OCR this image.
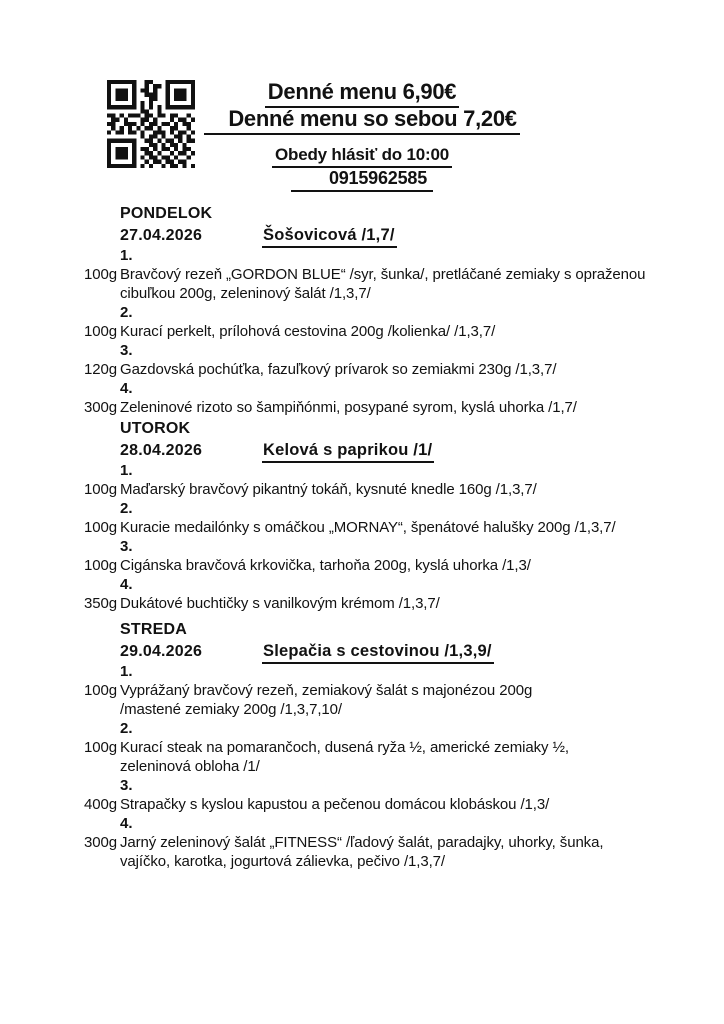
Denné menu 6,90€
Denné menu so sebou 7,20€
Obedy hlásiť do 10:00
0915962585
PONDELOK
27.04.2026	Šošovicová /1,7/
1.
100g Bravčový rezeň „GORDON BLUE“ /syr, šunka/, pretláčané zemiaky s opraženou
cibuľkou 200g, zeleninový šalát /1,3,7/
2.
100g Kurací perkelt, prílohová cestovina 200g /kolienka/ /1,3,7/
3.
120g Gazdovská pochúťka, fazuľkový prívarok so zemiakmi 230g /1,3,7/
4.
300g Zeleninové rizoto so šampiňónmi, posypané syrom, kyslá uhorka /1,7/
UTOROK
28.04.2026	Kelová s paprikou /1/
1.
100g Maďarský bravčový pikantný tokáň, kysnuté knedle 160g /1,3,7/
2.
100g Kuracie medailónky s omáčkou „MORNAY“, špenátové halušky 200g /1,3,7/
3.
100g Cigánska bravčová krkovička, tarhoňa 200g, kyslá uhorka /1,3/
4.
350g Dukátové buchtičky s vanilkovým krémom /1,3,7/
STREDA
29.04.2026	Slepačia s cestovinou /1,3,9/
1.
100g Vyprážaný bravčový rezeň, zemiakový šalát s majonézou 200g
/mastené zemiaky 200g /1,3,7,10/
2.
100g Kurací steak na pomarančoch, dusená ryža ½, americké zemiaky ½,
zeleninová obloha /1/
3.
400g Strapačky s kyslou kapustou a pečenou domácou klobáskou /1,3/
4.
300g Jarný zeleninový šalát „FITNESS“ /ľadový šalát, paradajky, uhorky, šunka,
vajíčko, karotka, jogurtová zálievka, pečivo /1,3,7/
